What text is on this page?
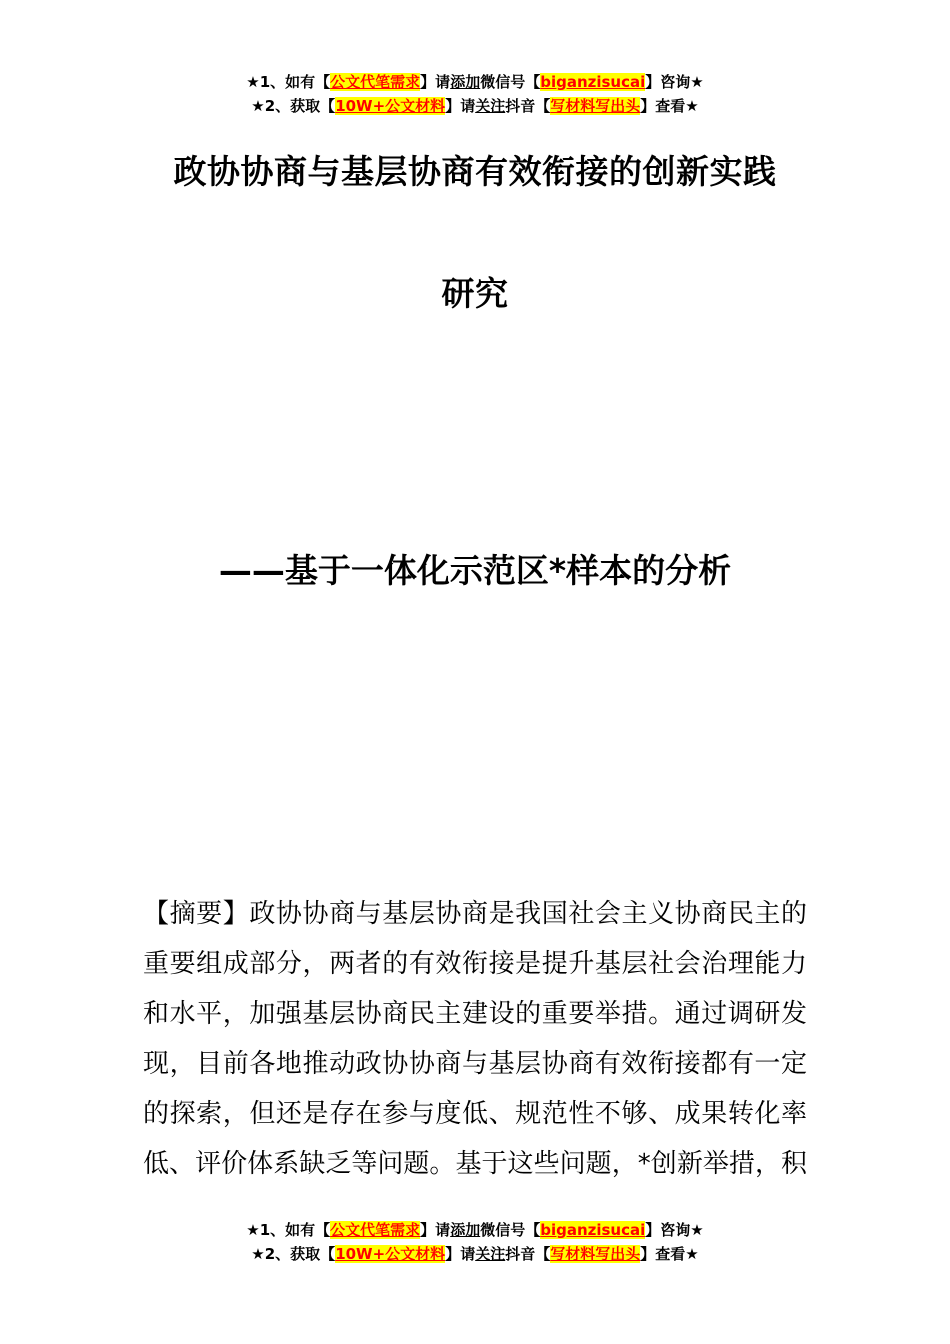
★1、如有【公文代笔需求】请添加微信号【biganzisucai】咨询★
★2、获取【10W+公文材料】请关注抖音【写材料写出头】查看★
政协协商与基层协商有效衔接的创新实践
研究
——基于一体化示范区*样本的分析
【摘要】政协协商与基层协商是我国社会主义协商民主的
重要组成部分，两者的有效衔接是提升基层社会治理能力
和水平，加强基层协商民主建设的重要举措。通过调研发
现，目前各地推动政协协商与基层协商有效衔接都有一定
的探索，但还是存在参与度低、规范性不够、成果转化率
低、评价体系缺乏等问题。基于这些问题，*创新举措，积
★1、如有【公文代笔需求】请添加微信号【biganzisucai】咨询★
★2、获取【10W+公文材料】请关注抖音【写材料写出头】查看★
